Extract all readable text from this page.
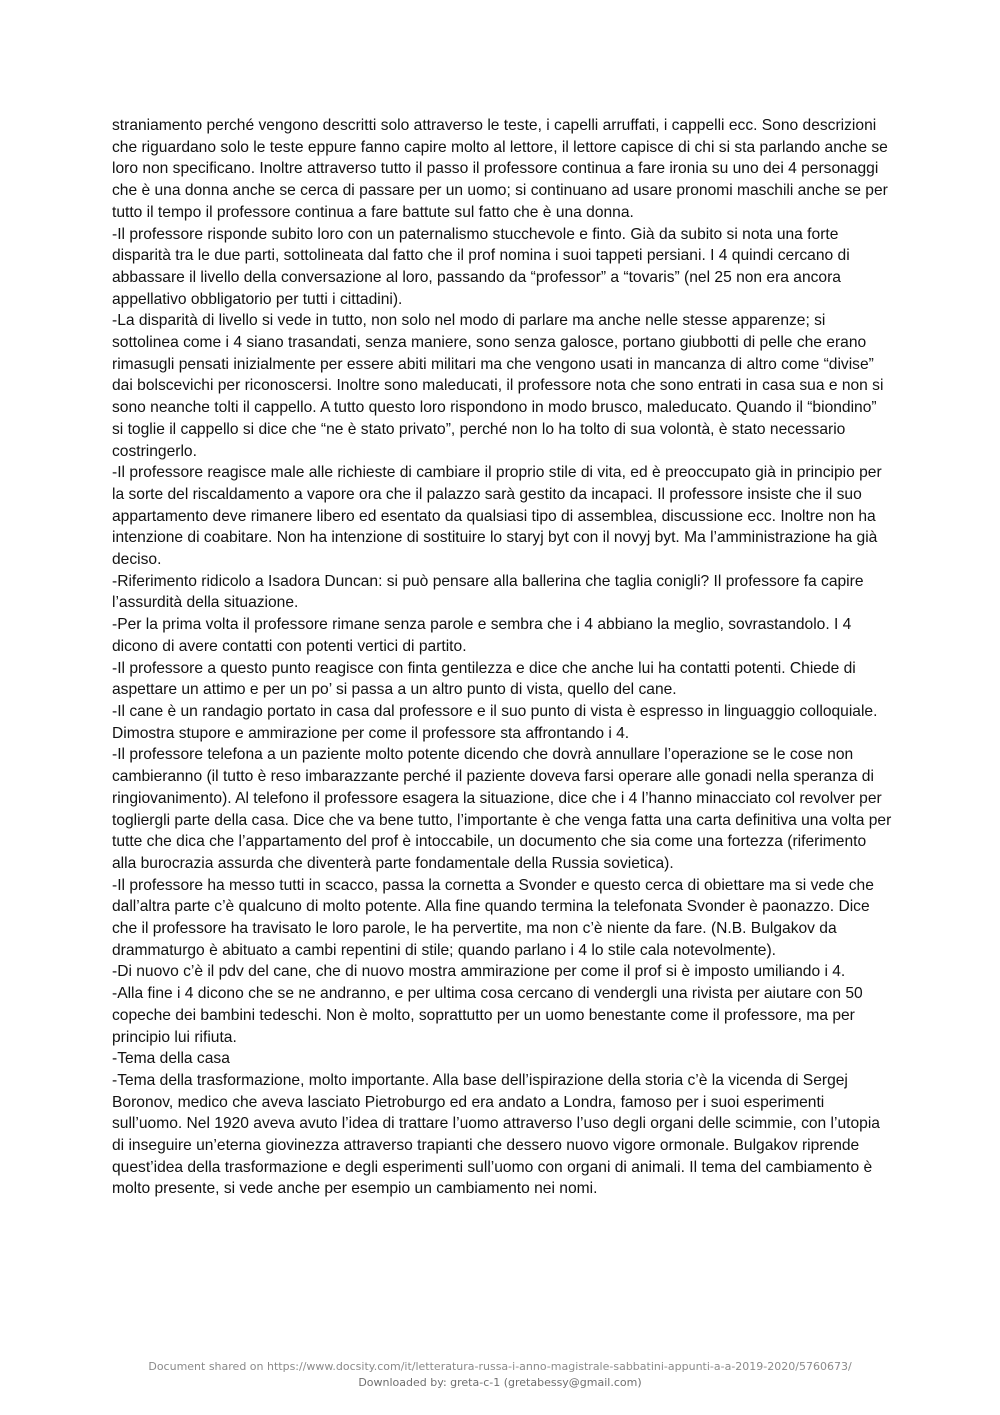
straniamento perché vengono descritti solo attraverso le teste, i capelli arruffati, i cappelli ecc. Sono descrizioni che riguardano solo le teste eppure fanno capire molto al lettore, il lettore capisce di chi si sta parlando anche se loro non specificano. Inoltre attraverso tutto il passo il professore continua a fare ironia su uno dei 4 personaggi che è una donna anche se cerca di passare per un uomo; si continuano ad usare pronomi maschili anche se per tutto il tempo il professore continua a fare battute sul fatto che è una donna.

-Il professore risponde subito loro con un paternalismo stucchevole e finto. Già da subito si nota una forte disparità tra le due parti, sottolineata dal fatto che il prof nomina i suoi tappeti persiani. I 4 quindi cercano di abbassare il livello della conversazione al loro, passando da “professor” a “tovaris” (nel 25 non era ancora appellativo obbligatorio per tutti i cittadini).

-La disparità di livello si vede in tutto, non solo nel modo di parlare ma anche nelle stesse apparenze; si sottolinea come i 4 siano trasandati, senza maniere, sono senza galosce, portano giubbotti di pelle che erano rimasugli pensati inizialmente per essere abiti militari ma che vengono usati in mancanza di altro come “divise” dai bolscevichi per riconoscersi. Inoltre sono maleducati, il professore nota che sono entrati in casa sua e non si sono neanche tolti il cappello. A tutto questo loro rispondono in modo brusco, maleducato. Quando il “biondino” si toglie il cappello si dice che “ne è stato privato”, perché non lo ha tolto di sua volontà, è stato necessario costringerlo.

-Il professore reagisce male alle richieste di cambiare il proprio stile di vita, ed è preoccupato già in principio per la sorte del riscaldamento a vapore ora che il palazzo sarà gestito da incapaci. Il professore insiste che il suo appartamento deve rimanere libero ed esentato da qualsiasi tipo di assemblea, discussione ecc. Inoltre non ha intenzione di coabitare. Non ha intenzione di sostituire lo staryj byt con il novyj byt. Ma l’amministrazione ha già deciso.

-Riferimento ridicolo a Isadora Duncan: si può pensare alla ballerina che taglia conigli? Il professore fa capire l’assurdità della situazione.

-Per la prima volta il professore rimane senza parole e sembra che i 4 abbiano la meglio, sovrastandolo. I 4 dicono di avere contatti con potenti vertici di partito.

-Il professore a questo punto reagisce con finta gentilezza e dice che anche lui ha contatti potenti. Chiede di aspettare un attimo e per un po’ si passa a un altro punto di vista, quello del cane.

-Il cane è un randagio portato in casa dal professore e il suo punto di vista è espresso in linguaggio colloquiale. Dimostra stupore e ammirazione per come il professore sta affrontando i 4.

-Il professore telefona a un paziente molto potente dicendo che dovrà annullare l’operazione se le cose non cambieranno (il tutto è reso imbarazzante perché il paziente doveva farsi operare alle gonadi nella speranza di ringiovanimento). Al telefono il professore esagera la situazione, dice che i 4 l’hanno minacciato col revolver per togliergli parte della casa. Dice che va bene tutto, l’importante è che venga fatta una carta definitiva una volta per tutte che dica che l’appartamento del prof è intoccabile, un documento che sia come una fortezza (riferimento alla burocrazia assurda che diventerà parte fondamentale della Russia sovietica).

-Il professore ha messo tutti in scacco, passa la cornetta a Svonder e questo cerca di obiettare ma si vede che dall’altra parte c’è qualcuno di molto potente. Alla fine quando termina la telefonata Svonder è paonazzo. Dice che il professore ha travisato le loro parole, le ha pervertite, ma non c’è niente da fare. (N.B. Bulgakov da drammaturgo è abituato a cambi repentini di stile; quando parlano i 4 lo stile cala notevolmente).

-Di nuovo c’è il pdv del cane, che di nuovo mostra ammirazione per come il prof si è imposto umiliando i 4.

-Alla fine i 4 dicono che se ne andranno, e per ultima cosa cercano di vendergli una rivista per aiutare con 50 copeche dei bambini tedeschi. Non è molto, soprattutto per un uomo benestante come il professore, ma per principio lui rifiuta.

-Tema della casa

-Tema della trasformazione, molto importante. Alla base dell’ispirazione della storia c’è la vicenda di Sergej Boronov, medico che aveva lasciato Pietroburgo ed era andato a Londra, famoso per i suoi esperimenti sull’uomo. Nel 1920 aveva avuto l’idea di trattare l’uomo attraverso l’uso degli organi delle scimmie, con l’utopia di inseguire un’eterna giovinezza attraverso trapianti che dessero nuovo vigore ormonale. Bulgakov riprende quest’idea della trasformazione e degli esperimenti sull’uomo con organi di animali. Il tema del cambiamento è molto presente, si vede anche per esempio un cambiamento nei nomi.

Document shared on https://www.docsity.com/it/letteratura-russa-i-anno-magistrale-sabbatini-appunti-a-a-2019-2020/5760673/
Downloaded by: greta-c-1 (gretabessy@gmail.com)
